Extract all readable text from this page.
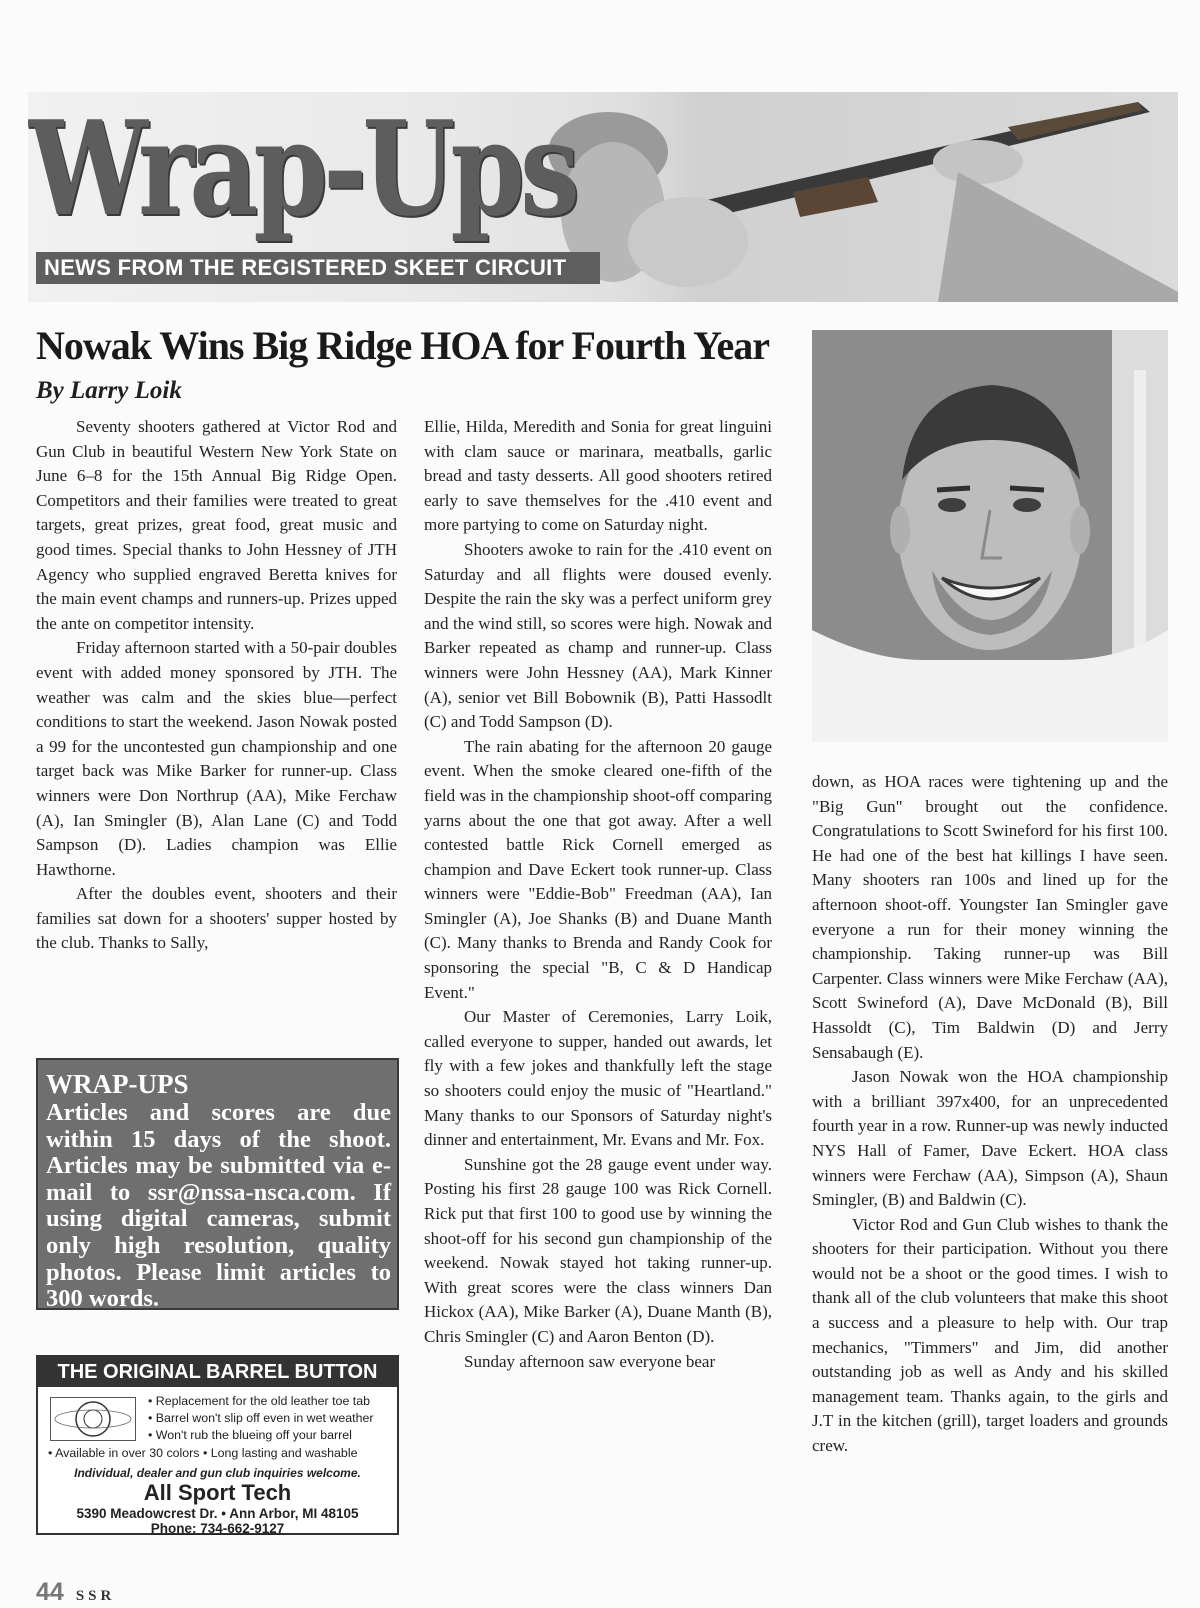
Wrap-Ups
NEWS FROM THE REGISTERED SKEET CIRCUIT
Nowak Wins Big Ridge HOA for Fourth Year
By Larry Loik

Seventy shooters gathered at Victor Rod and Gun Club in beautiful Western New York State on June 6–8 for the 15th Annual Big Ridge Open. Competitors and their families were treated to great targets, great prizes, great food, great music and good times. Special thanks to John Hessney of JTH Agency who supplied engraved Beretta knives for the main event champs and runners-up. Prizes upped the ante on competitor intensity.

Friday afternoon started with a 50-pair doubles event with added money sponsored by JTH. The weather was calm and the skies blue—perfect conditions to start the weekend. Jason Nowak posted a 99 for the uncontested gun championship and one target back was Mike Barker for runner-up. Class winners were Don Northrup (AA), Mike Ferchaw (A), Ian Smingler (B), Alan Lane (C) and Todd Sampson (D). Ladies champion was Ellie Hawthorne.

After the doubles event, shooters and their families sat down for a shooters' supper hosted by the club. Thanks to Sally,

Ellie, Hilda, Meredith and Sonia for great linguini with clam sauce or marinara, meatballs, garlic bread and tasty desserts. All good shooters retired early to save themselves for the .410 event and more partying to come on Saturday night.

Shooters awoke to rain for the .410 event on Saturday and all flights were doused evenly. Despite the rain the sky was a perfect uniform grey and the wind still, so scores were high. Nowak and Barker repeated as champ and runner-up. Class winners were John Hessney (AA), Mark Kinner (A), senior vet Bill Bobownik (B), Patti Hassodlt (C) and Todd Sampson (D).

The rain abating for the afternoon 20 gauge event. When the smoke cleared one-fifth of the field was in the championship shoot-off comparing yarns about the one that got away. After a well contested battle Rick Cornell emerged as champion and Dave Eckert took runner-up. Class winners were "Eddie-Bob" Freedman (AA), Ian Smingler (A), Joe Shanks (B) and Duane Manth (C). Many thanks to Brenda and Randy Cook for sponsoring the special "B, C & D Handicap Event."

Our Master of Ceremonies, Larry Loik, called everyone to supper, handed out awards, let fly with a few jokes and thankfully left the stage so shooters could enjoy the music of "Heartland." Many thanks to our Sponsors of Saturday night's dinner and entertainment, Mr. Evans and Mr. Fox.

Sunshine got the 28 gauge event under way. Posting his first 28 gauge 100 was Rick Cornell. Rick put that first 100 to good use by winning the shoot-off for his second gun championship of the weekend. Nowak stayed hot taking runner-up. With great scores were the class winners Dan Hickox (AA), Mike Barker (A), Duane Manth (B), Chris Smingler (C) and Aaron Benton (D).

Sunday afternoon saw everyone bear

down, as HOA races were tightening up and the "Big Gun" brought out the confidence. Congratulations to Scott Swineford for his first 100. He had one of the best hat killings I have seen. Many shooters ran 100s and lined up for the afternoon shoot-off. Youngster Ian Smingler gave everyone a run for their money winning the championship. Taking runner-up was Bill Carpenter. Class winners were Mike Ferchaw (AA), Scott Swineford (A), Dave McDonald (B), Bill Hassoldt (C), Tim Baldwin (D) and Jerry Sensabaugh (E).

Jason Nowak won the HOA championship with a brilliant 397x400, for an unprecedented fourth year in a row. Runner-up was newly inducted NYS Hall of Famer, Dave Eckert. HOA class winners were Ferchaw (AA), Simpson (A), Shaun Smingler, (B) and Baldwin (C).

Victor Rod and Gun Club wishes to thank the shooters for their participation. Without you there would not be a shoot or the good times. I wish to thank all of the club volunteers that make this shoot a success and a pleasure to help with. Our trap mechanics, "Timmers" and Jim, did another outstanding job as well as Andy and his skilled management team. Thanks again, to the girls and J.T in the kitchen (grill), target loaders and grounds crew.

WRAP-UPS
Articles and scores are due within 15 days of the shoot. Articles may be submitted via e-mail to ssr@nssa-nsca.com. If using digital cameras, submit only high resolution, quality photos. Please limit articles to 300 words.
THE ORIGINAL BARREL BUTTON
• Replacement for the old leather toe tab
• Barrel won't slip off even in wet weather
• Won't rub the blueing off your barrel
• Available in over 30 colors • Long lasting and washable
Individual, dealer and gun club inquiries welcome.
All Sport Tech
5390 Meadowcrest Dr. • Ann Arbor, MI 48105
Phone: 734-662-9127
44 SSR
